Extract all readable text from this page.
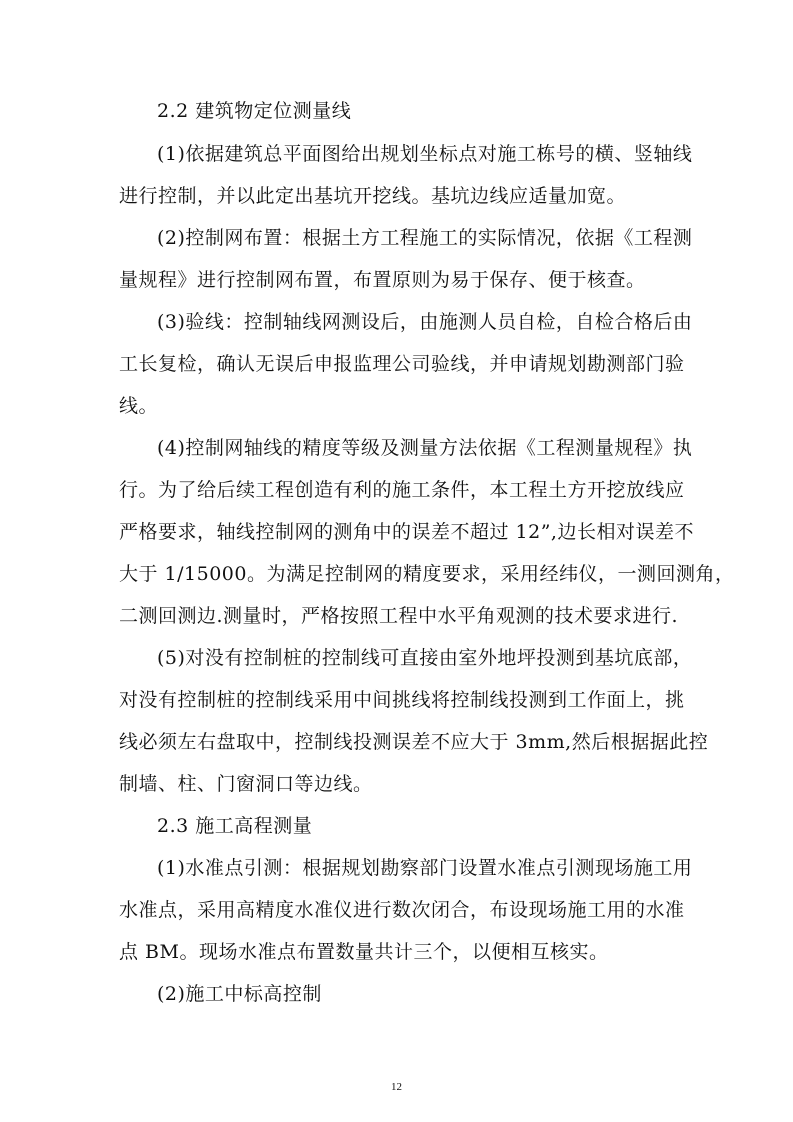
2.2 建筑物定位测量线
(1)依据建筑总平面图给出规划坐标点对施工栋号的横、竖轴线
进行控制，并以此定出基坑开挖线。基坑边线应适量加宽。
(2)控制网布置：根据土方工程施工的实际情况，依据《工程测
量规程》进行控制网布置，布置原则为易于保存、便于核查。
(3)验线：控制轴线网测设后，由施测人员自检，自检合格后由
工长复检，确认无误后申报监理公司验线，并申请规划勘测部门验
线。
(4)控制网轴线的精度等级及测量方法依据《工程测量规程》执
行。为了给后续工程创造有利的施工条件，本工程土方开挖放线应
严格要求，轴线控制网的测角中的误差不超过 12”,边长相对误差不
大于 1/15000。为满足控制网的精度要求，采用经纬仪，一测回测角，
二测回测边.测量时，严格按照工程中水平角观测的技术要求进行.
(5)对没有控制桩的控制线可直接由室外地坪投测到基坑底部，
对没有控制桩的控制线采用中间挑线将控制线投测到工作面上，挑
线必须左右盘取中，控制线投测误差不应大于 3mm,然后根据据此控
制墙、柱、门窗洞口等边线。
2.3 施工高程测量
(1)水准点引测：根据规划勘察部门设置水准点引测现场施工用
水准点，采用高精度水准仪进行数次闭合，布设现场施工用的水准
点 BM。现场水准点布置数量共计三个，以便相互核实。
(2)施工中标高控制
12
